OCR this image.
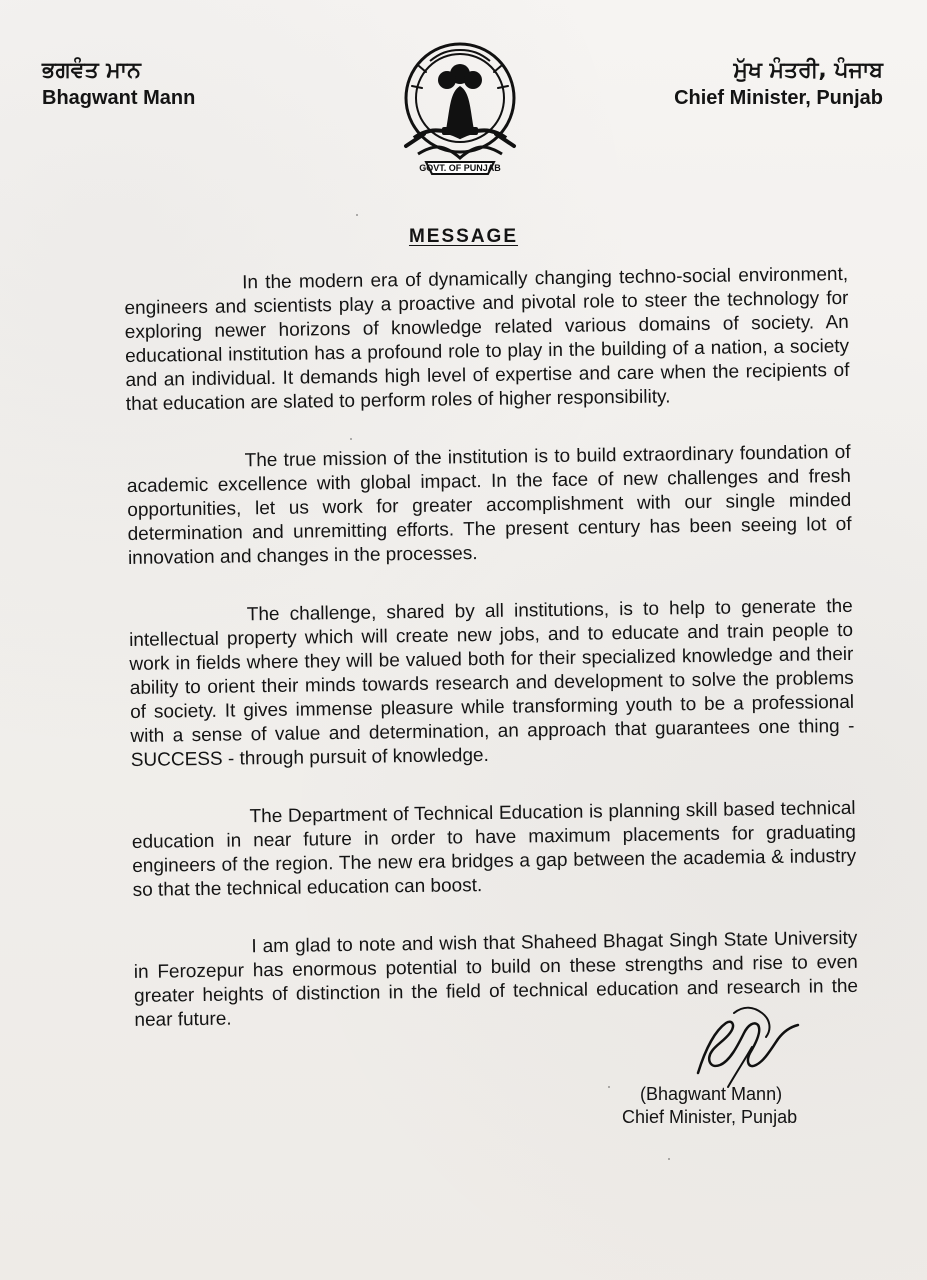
ਭਗਵੰਤ ਮਾਨ

Bhagwant Mann

GOVT. OF PUNJAB

ਮੁੱਖ ਮੰਤਰੀ, ਪੰਜਾਬ

Chief Minister, Punjab

MESSAGE

In the modern era of dynamically changing techno-social environment, engineers and scientists play a proactive and pivotal role to steer the technology for exploring newer horizons of knowledge related various domains of society. An educational institution has a profound role to play in the building of a nation, a society and an individual. It demands high level of expertise and care when the recipients of that education are slated to perform roles of higher responsibility.

The true mission of the institution is to build extraordinary foundation of academic excellence with global impact. In the face of new challenges and fresh opportunities, let us work for greater accomplishment with our single minded determination and unremitting efforts. The present century has been seeing lot of innovation and changes in the processes.

The challenge, shared by all institutions, is to help to generate the intellectual property which will create new jobs, and to educate and train people to work in fields where they will be valued both for their specialized knowledge and their ability to orient their minds towards research and development to solve the problems of society. It gives immense pleasure while transforming youth to be a professional with a sense of value and determination, an approach that guarantees one thing - SUCCESS - through pursuit of knowledge.

The Department of Technical Education is planning skill based technical education in near future in order to have maximum placements for graduating engineers of the region. The new era bridges a gap between the academia & industry so that the technical education can boost.

I am glad to note and wish that Shaheed Bhagat Singh State University in Ferozepur has enormous potential to build on these strengths and rise to even greater heights of distinction in the field of technical education and research in the near future.

(Bhagwant Mann)

Chief Minister, Punjab
